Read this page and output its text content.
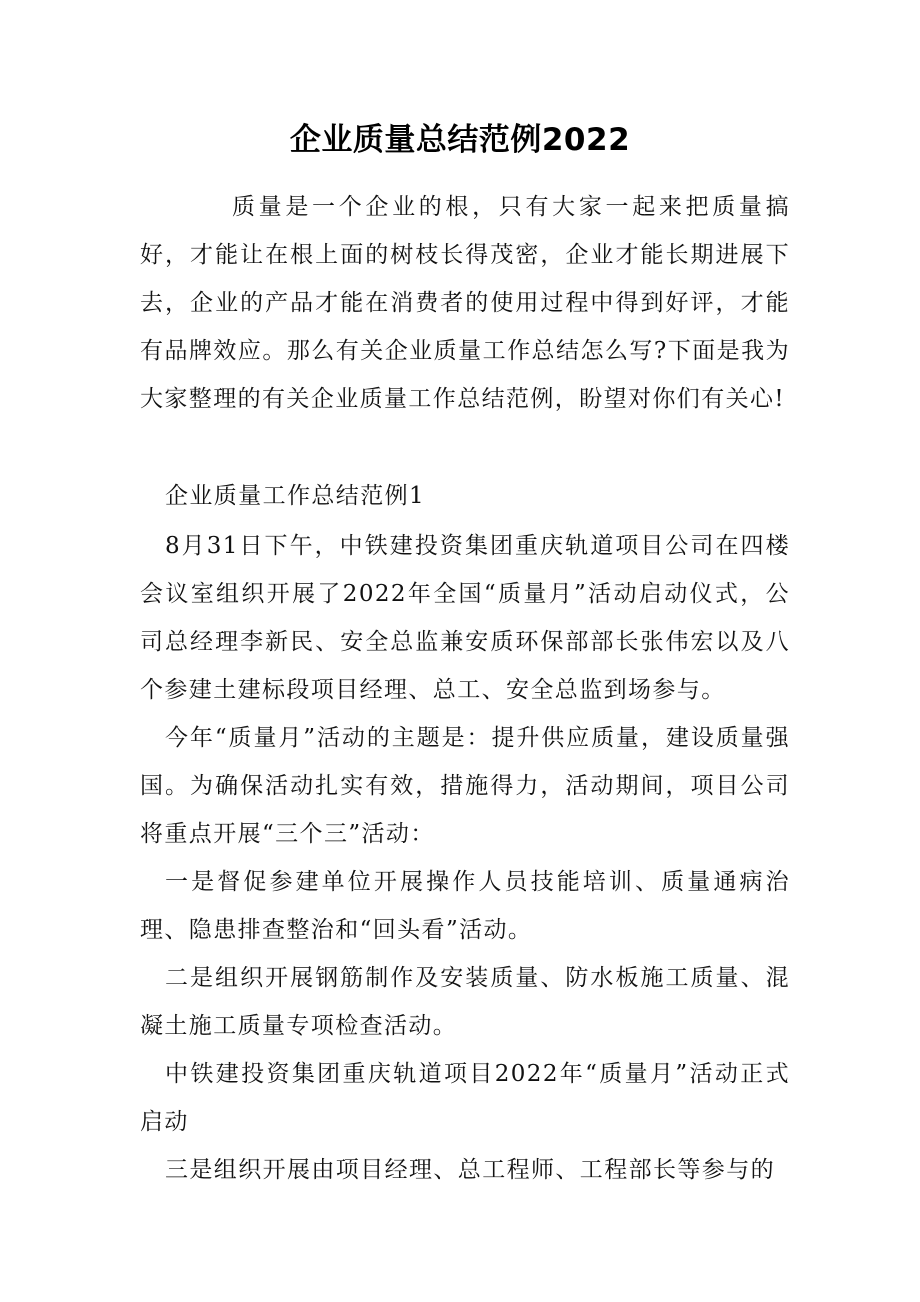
企业质量总结范例2022

质量是一个企业的根，只有大家一起来把质量搞好，才能让在根上面的树枝长得茂密，企业才能长期进展下去，企业的产品才能在消费者的使用过程中得到好评，才能有品牌效应。那么有关企业质量工作总结怎么写?下面是我为大家整理的有关企业质量工作总结范例，盼望对你们有关心!

企业质量工作总结范例1

8月31日下午，中铁建投资集团重庆轨道项目公司在四楼会议室组织开展了2022年全国“质量月”活动启动仪式，公司总经理李新民、安全总监兼安质环保部部长张伟宏以及八个参建土建标段项目经理、总工、安全总监到场参与。

今年“质量月”活动的主题是：提升供应质量，建设质量强国。为确保活动扎实有效，措施得力，活动期间，项目公司将重点开展“三个三”活动：

一是督促参建单位开展操作人员技能培训、质量通病治理、隐患排查整治和“回头看”活动。

二是组织开展钢筋制作及安装质量、防水板施工质量、混凝土施工质量专项检查活动。

中铁建投资集团重庆轨道项目2022年“质量月”活动正式启动

三是组织开展由项目经理、总工程师、工程部长等参与的
